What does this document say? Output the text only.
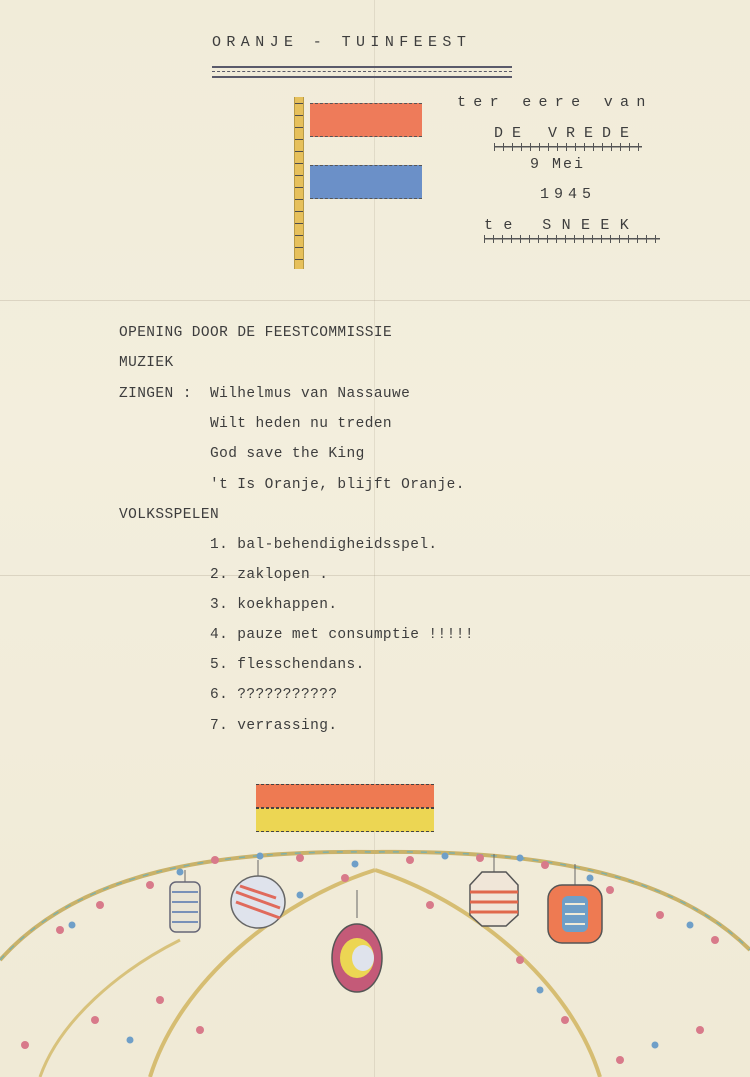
ORANJE - TUINFEEST
ter eere van
DE VREDE
9 Mei
1945
te SNEEK
OPENING DOOR DE FEESTCOMMISSIE
MUZIEK
ZINGEN : Wilhelmus van Nassauwe
Wilt heden nu treden
God save the King
't Is Oranje, blijft Oranje.
VOLKSSPELEN
1. bal-behendigheidsspel.
2. zaklopen .
3. koekhappen.
4. pauze met consumptie !!!!!
5. flesschendans.
6. ???????????
7. verrassing.
